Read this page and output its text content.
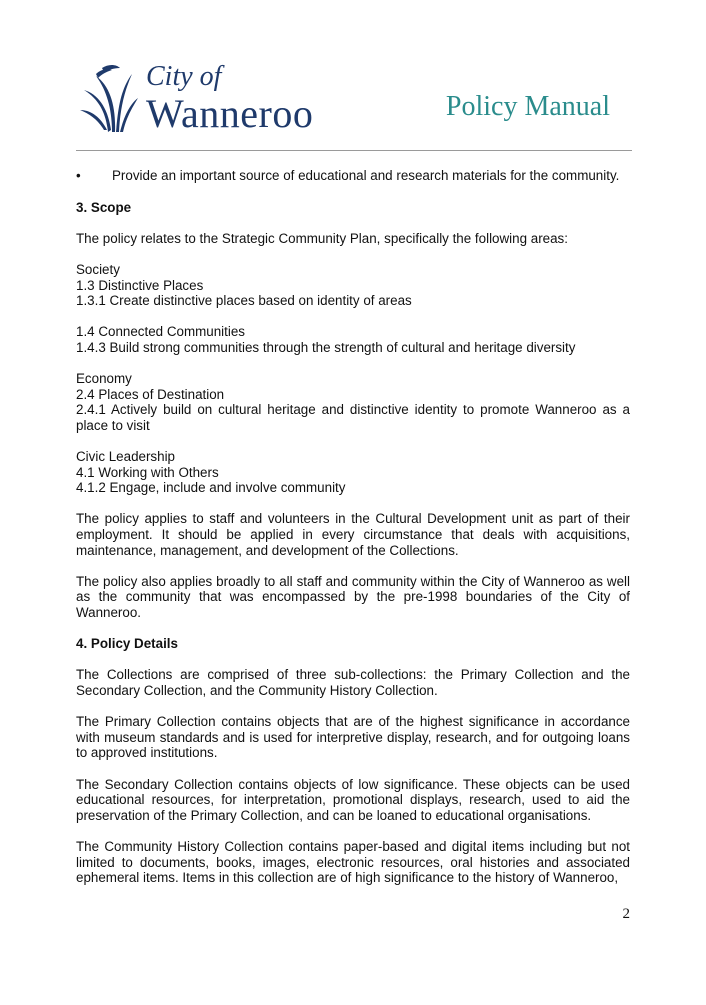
City of
Wanneroo	Policy Manual
•	Provide an important source of educational and research materials for the community.
3. Scope
The policy relates to the Strategic Community Plan, specifically the following areas:
Society
1.3 Distinctive Places
1.3.1 Create distinctive places based on identity of areas
1.4 Connected Communities
1.4.3 Build strong communities through the strength of cultural and heritage diversity
Economy
2.4 Places of Destination
2.4.1 Actively build on cultural heritage and distinctive identity to promote Wanneroo as a place to visit
Civic Leadership
4.1 Working with Others
4.1.2 Engage, include and involve community
The policy applies to staff and volunteers in the Cultural Development unit as part of their employment. It should be applied in every circumstance that deals with acquisitions, maintenance, management, and development of the Collections.
The policy also applies broadly to all staff and community within the City of Wanneroo as well as the community that was encompassed by the pre-1998 boundaries of the City of Wanneroo.
4. Policy Details
The Collections are comprised of three sub-collections: the Primary Collection and the Secondary Collection, and the Community History Collection.
The Primary Collection contains objects that are of the highest significance in accordance with museum standards and is used for interpretive display, research, and for outgoing loans to approved institutions.
The Secondary Collection contains objects of low significance. These objects can be used educational resources, for interpretation, promotional displays, research, used to aid the preservation of the Primary Collection, and can be loaned to educational organisations.
The Community History Collection contains paper-based and digital items including but not limited to documents, books, images, electronic resources, oral histories and associated ephemeral items. Items in this collection are of high significance to the history of Wanneroo,
2
